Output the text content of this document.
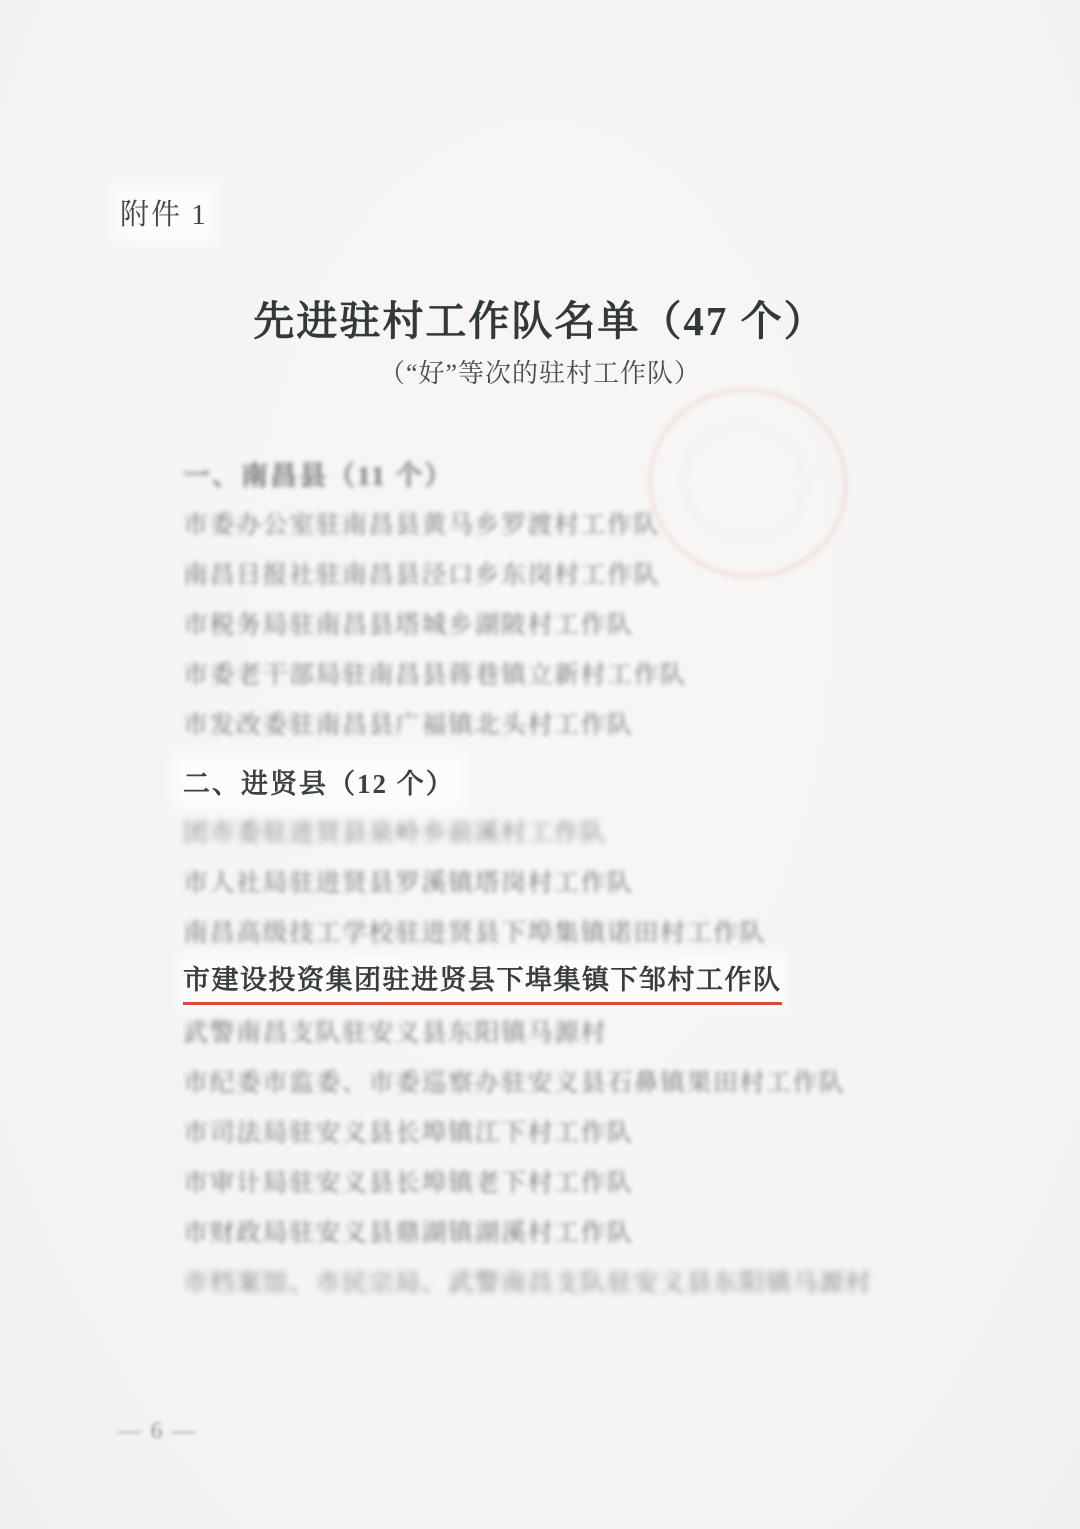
附件 1
先进驻村工作队名单（47 个）
（“好”等次的驻村工作队）
一、南昌县（11 个）
市委办公室驻南昌县黄马乡罗渡村工作队
南昌日报社驻南昌县泾口乡东岗村工作队
市税务局驻南昌县塔城乡湖陂村工作队
市委老干部局驻南昌县蒋巷镇立新村工作队
市发改委驻南昌县广福镇北头村工作队
二、进贤县（12 个）
团市委驻进贤县泉岭乡前溪村工作队
市人社局驻进贤县罗溪镇塔岗村工作队
南昌高级技工学校驻进贤县下埠集镇诺田村工作队
市建设投资集团驻进贤县下埠集镇下邹村工作队
武警南昌支队驻安义县东阳镇马源村
市纪委市监委、市委巡察办驻安义县石鼻镇果田村工作队
市司法局驻安义县长埠镇江下村工作队
市审计局驻安义县长埠镇老下村工作队
市财政局驻安义县鼎湖镇湖溪村工作队
市档案馆、市民宗局、武警南昌支队驻安义县东阳镇马源村
— 6 —
